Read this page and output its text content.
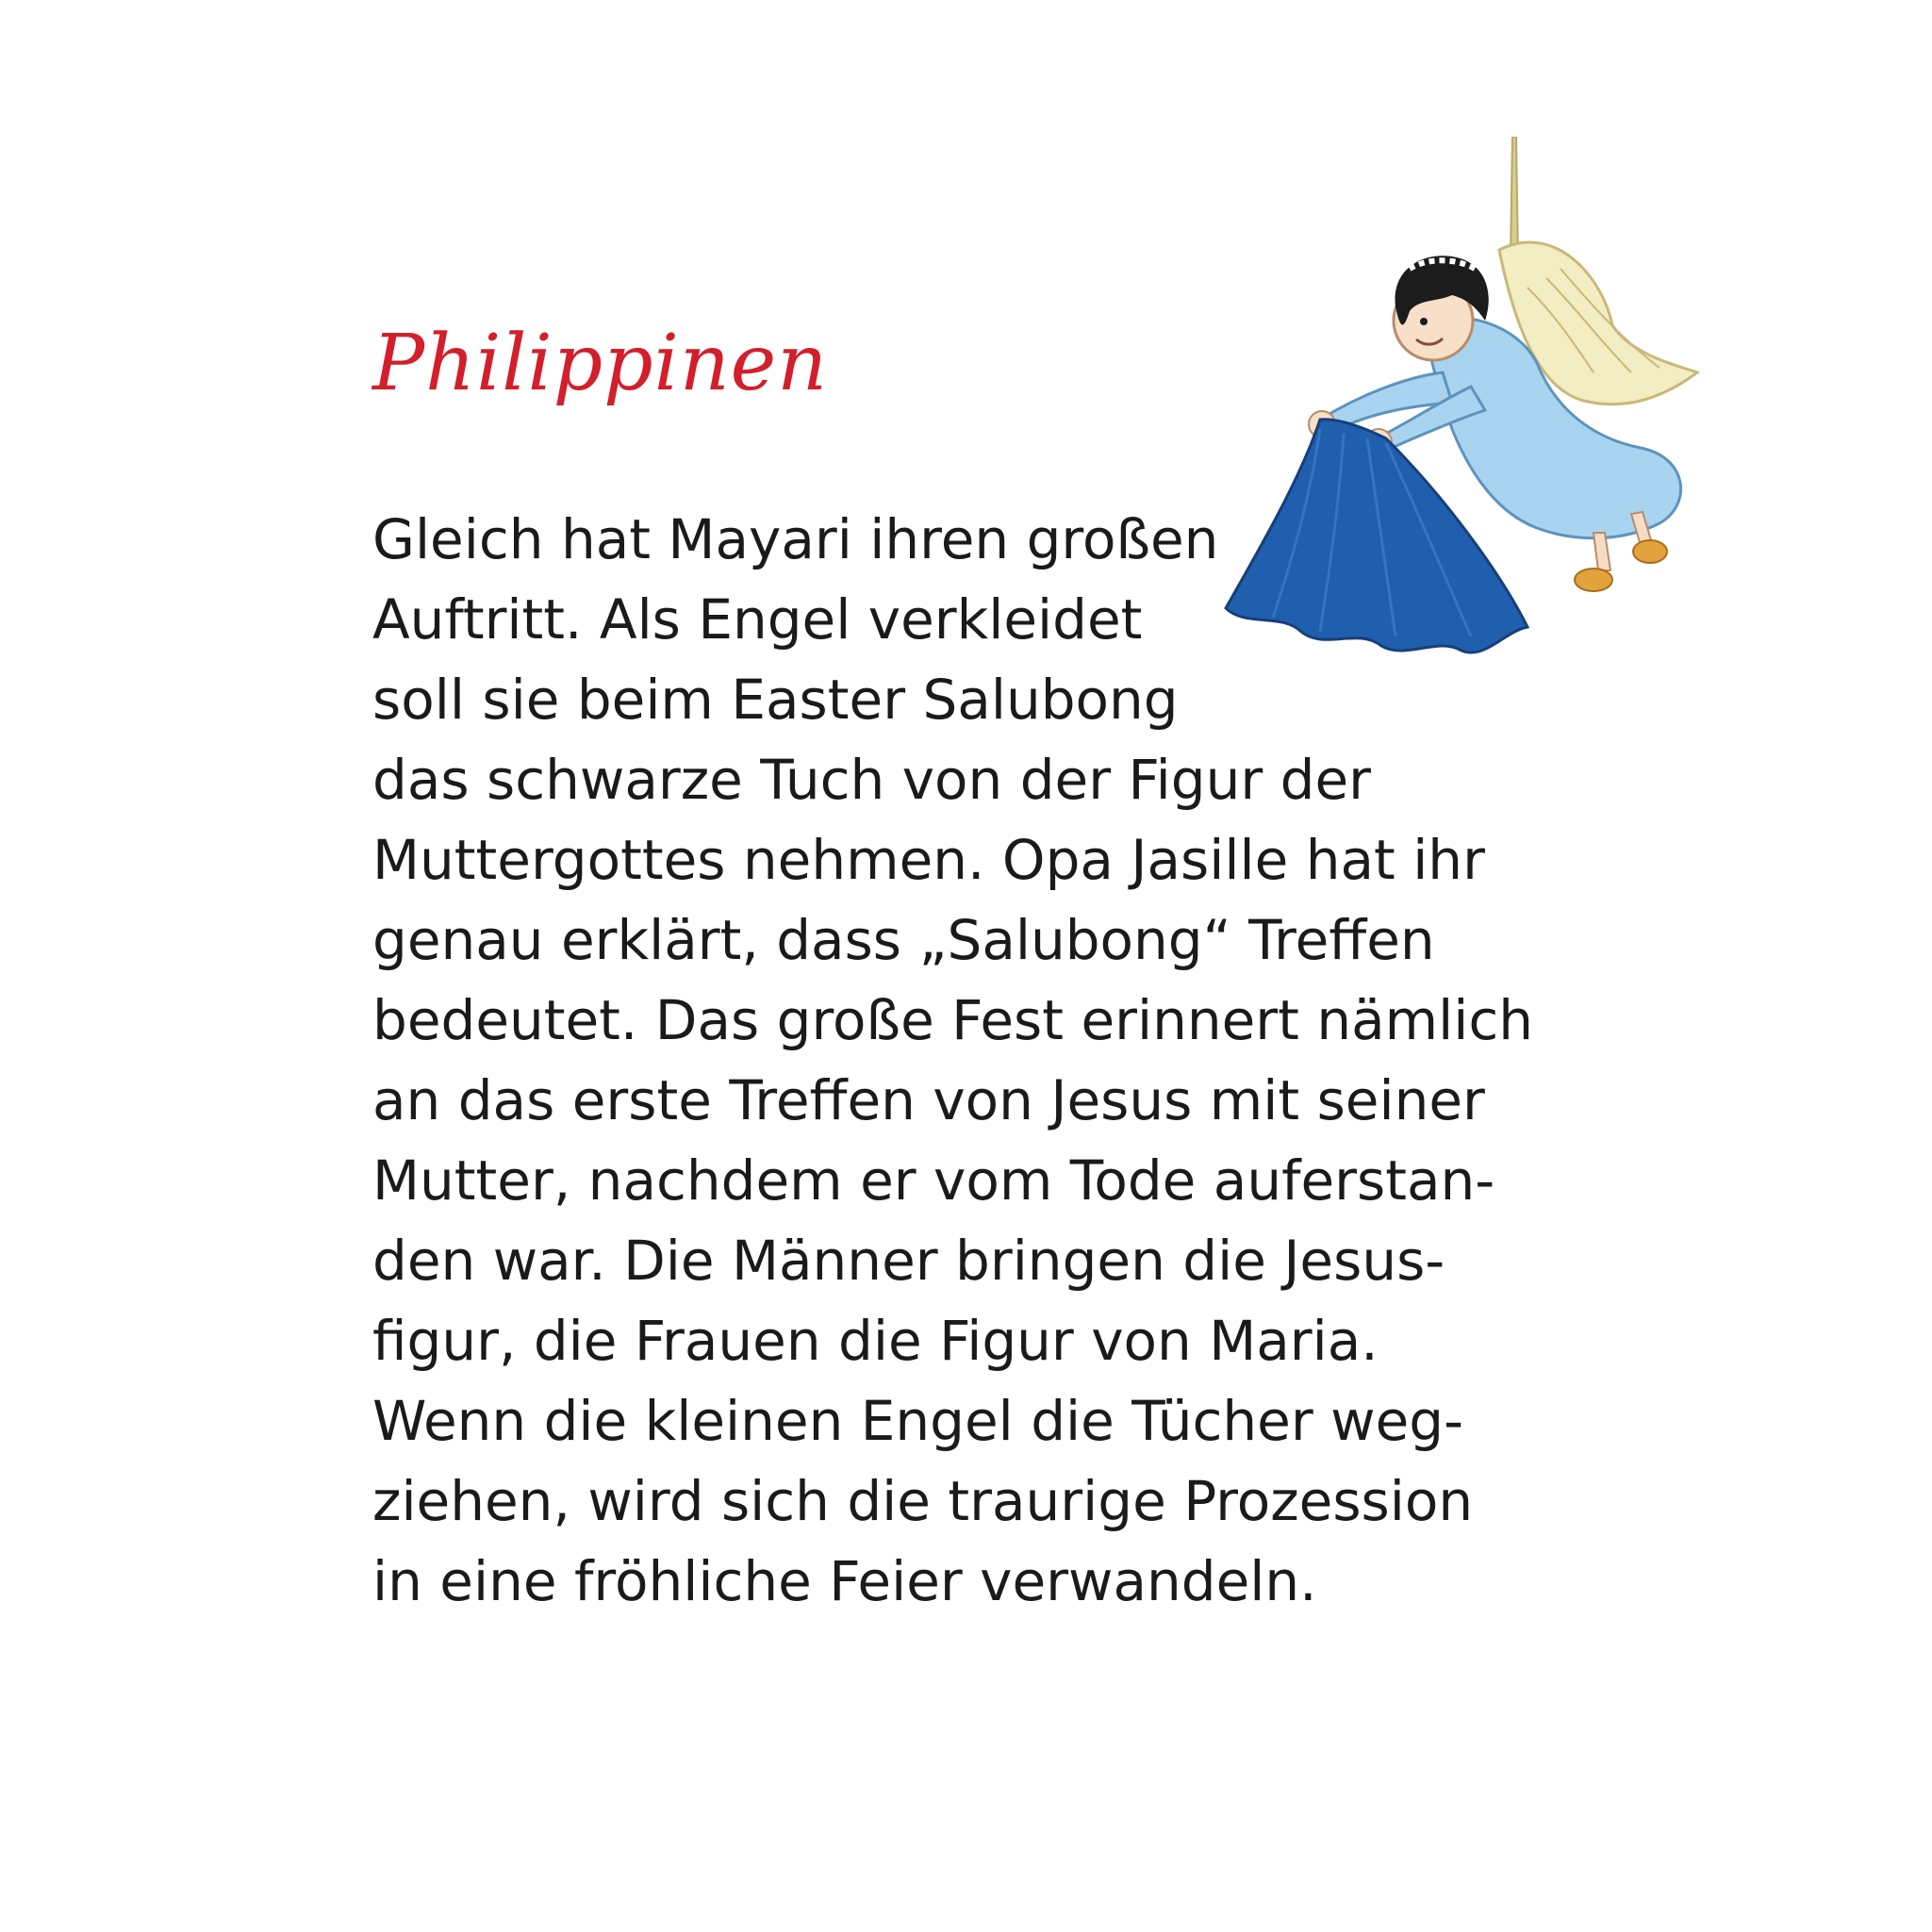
Philippinen
Gleich hat Mayari ihren großen
Auftritt. Als Engel verkleidet
soll sie beim Easter Salubong
das schwarze Tuch von der Figur der
Muttergottes nehmen. Opa Jasille hat ihr
genau erklärt, dass „Salubong“ Treffen
bedeutet. Das große Fest erinnert nämlich
an das erste Treffen von Jesus mit seiner
Mutter, nachdem er vom Tode auferstan-
den war. Die Männer bringen die Jesus-
figur, die Frauen die Figur von Maria.
Wenn die kleinen Engel die Tücher weg-
ziehen, wird sich die traurige Prozession
in eine fröhliche Feier verwandeln.
